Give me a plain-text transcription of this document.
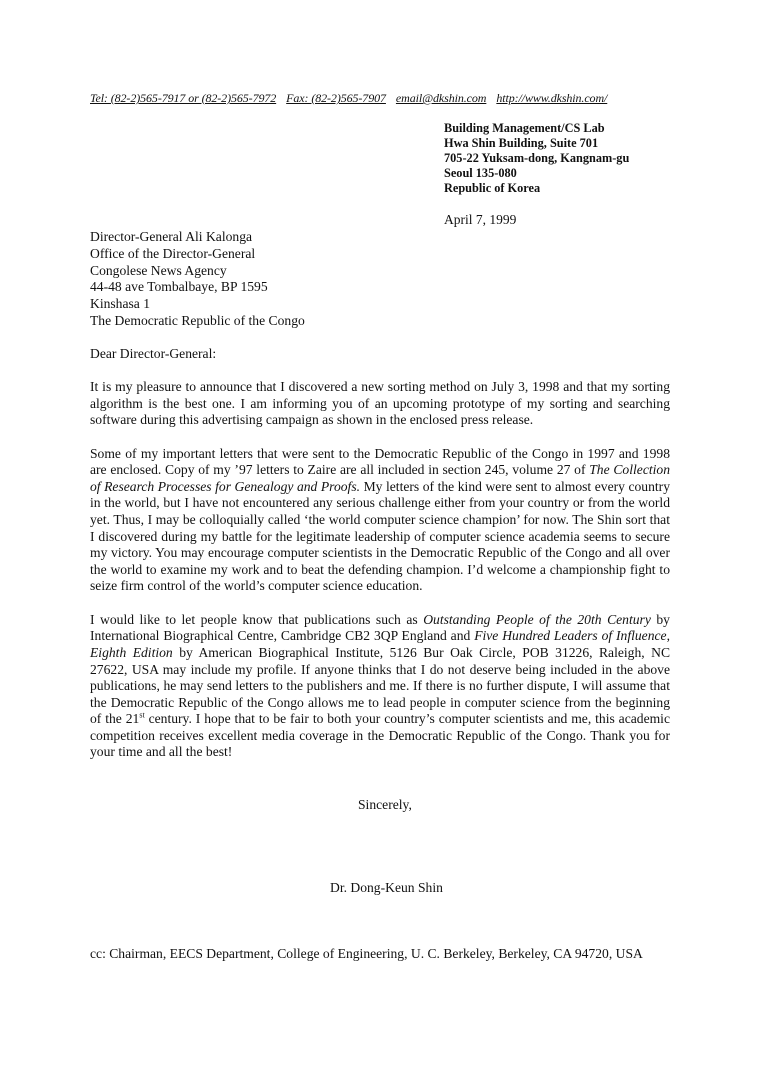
Tel: (82-2)565-7917 or (82-2)565-7972 Fax: (82-2)565-7907 email@dkshin.com http://www.dkshin.com/
Building Management/CS Lab
Hwa Shin Building, Suite 701
705-22 Yuksam-dong, Kangnam-gu
Seoul 135-080
Republic of Korea
April 7, 1999
Director-General Ali Kalonga
Office of the Director-General
Congolese News Agency
44-48 ave Tombalbaye, BP 1595
Kinshasa 1
The Democratic Republic of the Congo
Dear Director-General:

It is my pleasure to announce that I discovered a new sorting method on July 3, 1998 and that my sorting algorithm is the best one. I am informing you of an upcoming prototype of my sorting and searching software during this advertising campaign as shown in the enclosed press release.

Some of my important letters that were sent to the Democratic Republic of the Congo in 1997 and 1998 are enclosed. Copy of my ’97 letters to Zaire are all included in section 245, volume 27 of The Collection of Research Processes for Genealogy and Proofs. My letters of the kind were sent to almost every country in the world, but I have not encountered any serious challenge either from your country or from the world yet. Thus, I may be colloquially called ‘the world computer science champion’ for now. The Shin sort that I discovered during my battle for the legitimate leadership of computer science academia seems to secure my victory. You may encourage computer scientists in the Democratic Republic of the Congo and all over the world to examine my work and to beat the defending champion. I’d welcome a championship fight to seize firm control of the world’s computer science education.

I would like to let people know that publications such as Outstanding People of the 20th Century by International Biographical Centre, Cambridge CB2 3QP England and Five Hundred Leaders of Influence, Eighth Edition by American Biographical Institute, 5126 Bur Oak Circle, POB 31226, Raleigh, NC 27622, USA may include my profile. If anyone thinks that I do not deserve being included in the above publications, he may send letters to the publishers and me. If there is no further dispute, I will assume that the Democratic Republic of the Congo allows me to lead people in computer science from the beginning of the 21st century. I hope that to be fair to both your country’s computer scientists and me, this academic competition receives excellent media coverage in the Democratic Republic of the Congo. Thank you for your time and all the best!

Sincerely,
Dr. Dong-Keun Shin
cc: Chairman, EECS Department, College of Engineering, U. C. Berkeley, Berkeley, CA 94720, USA
